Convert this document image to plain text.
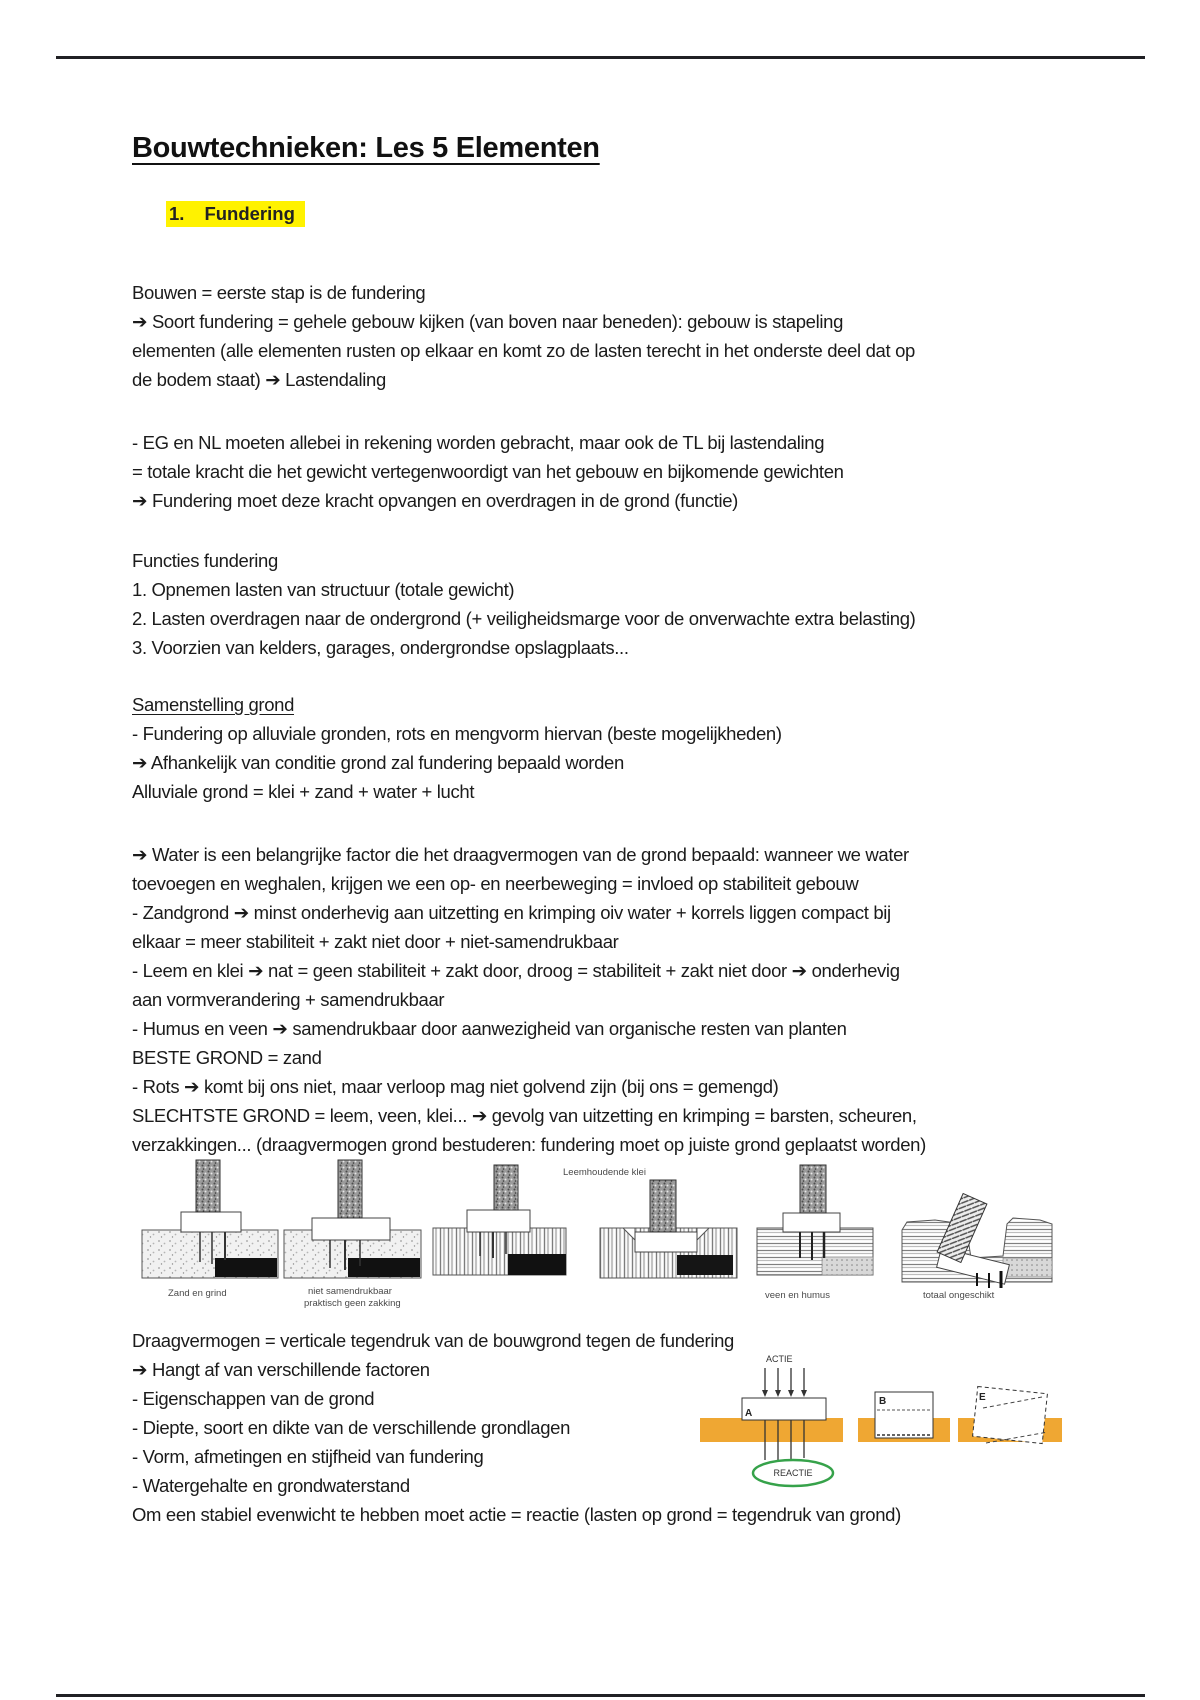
Bouwtechnieken: Les 5 Elementen
1. Fundering
Bouwen = eerste stap is de fundering
➔ Soort fundering = gehele gebouw kijken (van boven naar beneden): gebouw is stapeling
elementen (alle elementen rusten op elkaar en komt zo de lasten terecht in het onderste deel dat op
de bodem staat) ➔ Lastendaling
- EG en NL moeten allebei in rekening worden gebracht, maar ook de TL bij lastendaling
= totale kracht die het gewicht vertegenwoordigt van het gebouw en bijkomende gewichten
➔ Fundering moet deze kracht opvangen en overdragen in de grond (functie)
Functies fundering
1. Opnemen lasten van structuur (totale gewicht)
2. Lasten overdragen naar de ondergrond (+ veiligheidsmarge voor de onverwachte extra belasting)
3. Voorzien van kelders, garages, ondergrondse opslagplaats...
Samenstelling grond
- Fundering op alluviale gronden, rots en mengvorm hiervan (beste mogelijkheden)
➔ Afhankelijk van conditie grond zal fundering bepaald worden
Alluviale grond = klei + zand + water + lucht
➔ Water is een belangrijke factor die het draagvermogen van de grond bepaald: wanneer we water
toevoegen en weghalen, krijgen we een op- en neerbeweging = invloed op stabiliteit gebouw
- Zandgrond ➔ minst onderhevig aan uitzetting en krimping oiv water + korrels liggen compact bij
elkaar = meer stabiliteit + zakt niet door + niet-samendrukbaar
- Leem en klei ➔ nat = geen stabiliteit + zakt door, droog = stabiliteit + zakt niet door ➔ onderhevig
aan vormverandering + samendrukbaar
- Humus en veen ➔ samendrukbaar door aanwezigheid van organische resten van planten
BESTE GROND = zand
- Rots ➔ komt bij ons niet, maar verloop mag niet golvend zijn (bij ons = gemengd)
SLECHTSTE GROND = leem, veen, klei... ➔ gevolg van uitzetting en krimping = barsten, scheuren,
verzakkingen... (draagvermogen grond bestuderen: fundering moet op juiste grond geplaatst worden)
Zand en grind	niet samendrukbaar
praktisch geen zakking
Leemhoudende klei
veen en humus	totaal ongeschikt
Draagvermogen = verticale tegendruk van de bouwgrond tegen de fundering
➔ Hangt af van verschillende factoren
- Eigenschappen van de grond
- Diepte, soort en dikte van de verschillende grondlagen
- Vorm, afmetingen en stijfheid van fundering
- Watergehalte en grondwaterstand
Om een stabiel evenwicht te hebben moet actie = reactie (lasten op grond = tegendruk van grond)
ACTIE
A
REACTIE
B	E
